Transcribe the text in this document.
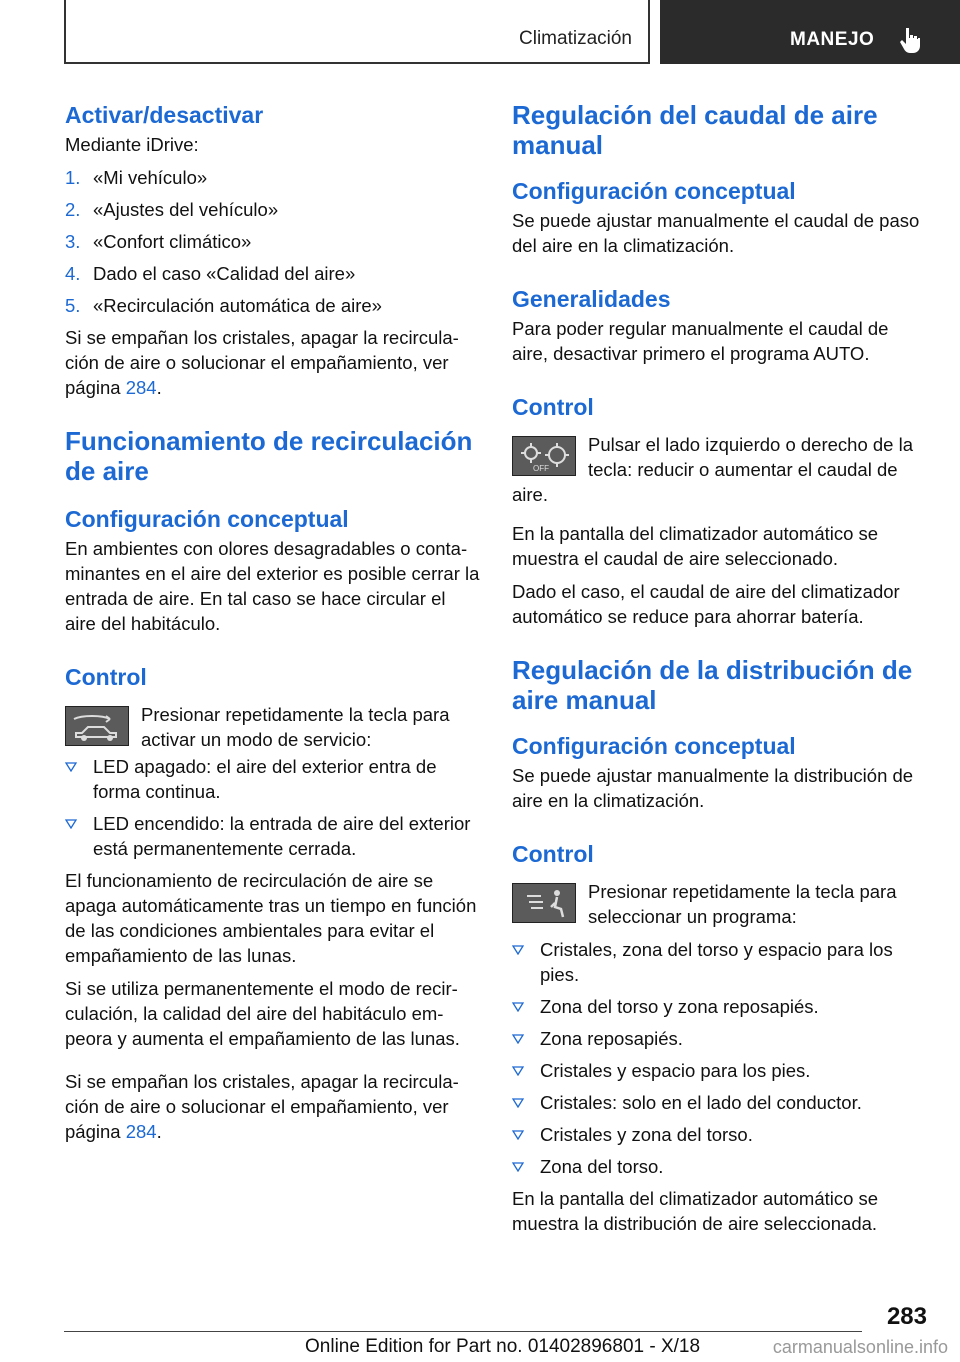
Climatización	MANEJO
Activar/desactivar

Mediante iDrive:

1. «Mi vehículo»
2. «Ajustes del vehículo»
3. «Confort climático»
4. Dado el caso «Calidad del aire»
5. «Recirculación automática de aire»

Si se empañan los cristales, apagar la recirculación de aire o solucionar el empañamiento, ver página 284.

Funcionamiento de recirculación de aire
Configuración conceptual

En ambientes con olores desagradables o contaminantes en el aire del exterior es posible cerrar la entrada de aire. En tal caso se hace circular el aire del habitáculo.

Control

Presionar repetidamente la tecla para activar un modo de servicio:

LED apagado: el aire del exterior entra de forma continua.
LED encendido: la entrada de aire del exterior está permanentemente cerrada.

El funcionamiento de recirculación de aire se apaga automáticamente tras un tiempo en función de las condiciones ambientales para evitar el empañamiento de las lunas.

Si se utiliza permanentemente el modo de recirculación, la calidad del aire del habitáculo empeora y aumenta el empañamiento de las lunas.

Si se empañan los cristales, apagar la recirculación de aire o solucionar el empañamiento, ver página 284.

Regulación del caudal de aire manual
Configuración conceptual

Se puede ajustar manualmente el caudal de paso del aire en la climatización.

Generalidades

Para poder regular manualmente el caudal de aire, desactivar primero el programa AUTO.

Control
OFF

Pulsar el lado izquierdo o derecho de la tecla: reducir o aumentar el caudal de aire.

En la pantalla del climatizador automático se muestra el caudal de aire seleccionado.

Dado el caso, el caudal de aire del climatizador automático se reduce para ahorrar batería.

Regulación de la distribución de aire manual
Configuración conceptual

Se puede ajustar manualmente la distribución de aire en la climatización.

Control

Presionar repetidamente la tecla para seleccionar un programa:

Cristales, zona del torso y espacio para los pies.
Zona del torso y zona reposapiés.
Zona reposapiés.
Cristales y espacio para los pies.
Cristales: solo en el lado del conductor.
Cristales y zona del torso.
Zona del torso.

En la pantalla del climatizador automático se muestra la distribución de aire seleccionada.

283
Online Edition for Part no. 01402896801 - X/18	carmanualsonline.info
